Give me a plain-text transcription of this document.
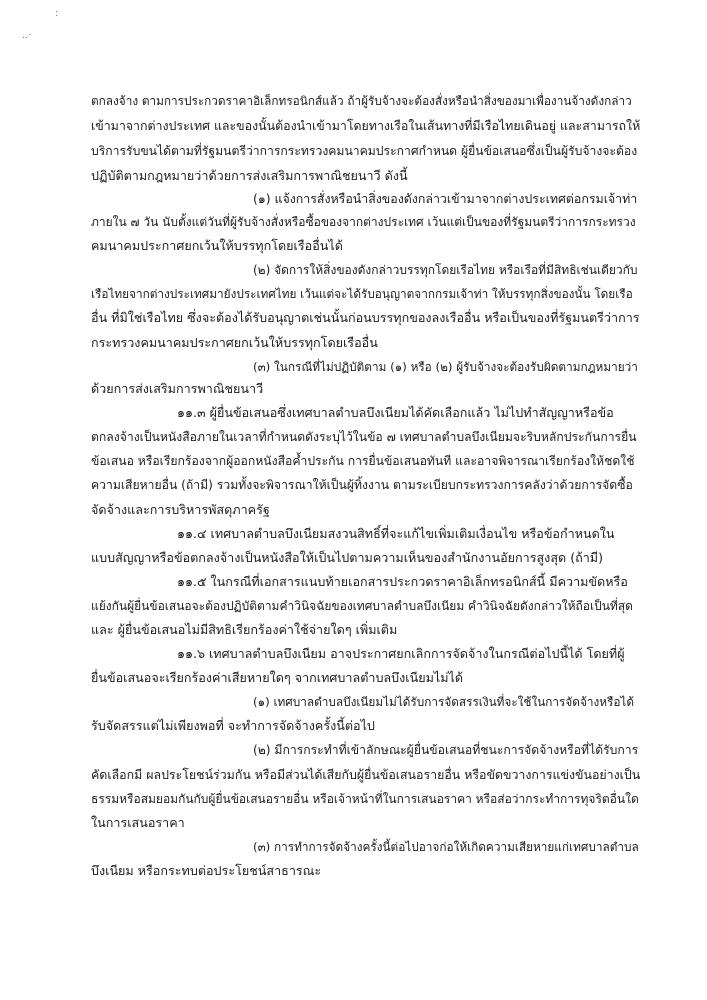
:
..·
ตกลงจ้าง ตามการประกวดราคาอิเล็กทรอนิกส์แล้ว ถ้าผู้รับจ้างจะต้องสั่งหรือนำสิ่งของมาเพื่องานจ้างดังกล่าว
เข้ามาจากต่างประเทศ และของนั้นต้องนำเข้ามาโดยทางเรือในเส้นทางที่มีเรือไทยเดินอยู่ และสามารถให้
บริการรับขนได้ตามที่รัฐมนตรีว่าการกระทรวงคมนาคมประกาศกำหนด ผู้ยื่นข้อเสนอซึ่งเป็นผู้รับจ้างจะต้อง
ปฏิบัติตามกฎหมายว่าด้วยการส่งเสริมการพาณิชยนาวี ดังนี้
(๑) แจ้งการสั่งหรือนำสิ่งของดังกล่าวเข้ามาจากต่างประเทศต่อกรมเจ้าท่า
ภายใน ๗ วัน นับตั้งแต่วันที่ผู้รับจ้างสั่งหรือซื้อของจากต่างประเทศ เว้นแต่เป็นของที่รัฐมนตรีว่าการกระทรวง
คมนาคมประกาศยกเว้นให้บรรทุกโดยเรืออื่นได้
(๒) จัดการให้สิ่งของดังกล่าวบรรทุกโดยเรือไทย หรือเรือที่มีสิทธิเช่นเดียวกับ
เรือไทยจากต่างประเทศมายังประเทศไทย เว้นแต่จะได้รับอนุญาตจากกรมเจ้าท่า ให้บรรทุกสิ่งของนั้น โดยเรือ
อื่น ที่มิใช่เรือไทย ซึ่งจะต้องได้รับอนุญาตเช่นนั้นก่อนบรรทุกของลงเรืออื่น หรือเป็นของที่รัฐมนตรีว่าการ
กระทรวงคมนาคมประกาศยกเว้นให้บรรทุกโดยเรืออื่น
(๓) ในกรณีที่ไม่ปฏิบัติตาม (๑) หรือ (๒) ผู้รับจ้างจะต้องรับผิดตามกฎหมายว่า
ด้วยการส่งเสริมการพาณิชยนาวี
๑๑.๓ ผู้ยื่นข้อเสนอซึ่งเทศบาลตำบลบึงเนียมได้คัดเลือกแล้ว ไม่ไปทำสัญญาหรือข้อ
ตกลงจ้างเป็นหนังสือภายในเวลาที่กำหนดดังระบุไว้ในข้อ ๗ เทศบาลตำบลบึงเนียมจะริบหลักประกันการยื่น
ข้อเสนอ หรือเรียกร้องจากผู้ออกหนังสือค้ำประกัน การยื่นข้อเสนอทันที และอาจพิจารณาเรียกร้องให้ชดใช้
ความเสียหายอื่น (ถ้ามี) รวมทั้งจะพิจารณาให้เป็นผู้ทิ้งงาน ตามระเบียบกระทรวงการคลังว่าด้วยการจัดซื้อ
จัดจ้างและการบริหารพัสดุภาครัฐ
๑๑.๔ เทศบาลตำบลบึงเนียมสงวนสิทธิ์ที่จะแก้ไขเพิ่มเติมเงื่อนไข หรือข้อกำหนดใน
แบบสัญญาหรือข้อตกลงจ้างเป็นหนังสือให้เป็นไปตามความเห็นของสำนักงานอัยการสูงสุด (ถ้ามี)
๑๑.๕ ในกรณีที่เอกสารแนบท้ายเอกสารประกวดราคาอิเล็กทรอนิกส์นี้ มีความขัดหรือ
แย้งกันผู้ยื่นข้อเสนอจะต้องปฏิบัติตามคำวินิจฉัยของเทศบาลตำบลบึงเนียม คำวินิจฉัยดังกล่าวให้ถือเป็นที่สุด
และ ผู้ยื่นข้อเสนอไม่มีสิทธิเรียกร้องค่าใช้จ่ายใดๆ เพิ่มเติม
๑๑.๖ เทศบาลตำบลบึงเนียม อาจประกาศยกเลิกการจัดจ้างในกรณีต่อไปนี้ได้ โดยที่ผู้
ยื่นข้อเสนอจะเรียกร้องค่าเสียหายใดๆ จากเทศบาลตำบลบึงเนียมไม่ได้
(๑) เทศบาลตำบลบึงเนียมไม่ได้รับการจัดสรรเงินที่จะใช้ในการจัดจ้างหรือได้
รับจัดสรรแต่ไม่เพียงพอที่ จะทำการจัดจ้างครั้งนี้ต่อไป
(๒) มีการกระทำที่เข้าลักษณะผู้ยื่นข้อเสนอที่ชนะการจัดจ้างหรือที่ได้รับการ
คัดเลือกมี ผลประโยชน์ร่วมกัน หรือมีส่วนได้เสียกับผู้ยื่นข้อเสนอรายอื่น หรือขัดขวางการแข่งขันอย่างเป็น
ธรรมหรือสมยอมกันกับผู้ยื่นข้อเสนอรายอื่น หรือเจ้าหน้าที่ในการเสนอราคา หรือส่อว่ากระทำการทุจริตอื่นใด
ในการเสนอราคา
(๓) การทำการจัดจ้างครั้งนี้ต่อไปอาจก่อให้เกิดความเสียหายแก่เทศบาลตำบล
บึงเนียม หรือกระทบต่อประโยชน์สาธารณะ
